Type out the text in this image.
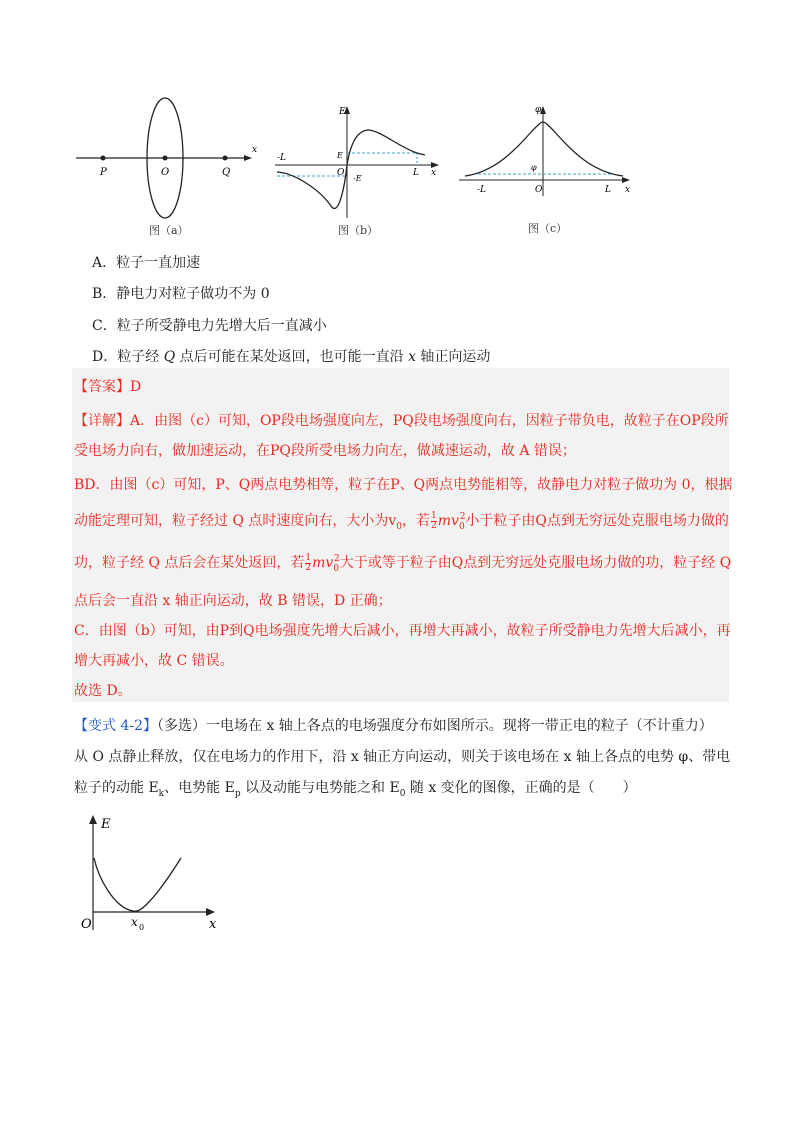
P	O	Q
x
图（a）
E
-L
O
E
-E
L x
图（b）
φ
φ
-L	O	L x
图（c）
A．粒子一直加速
B．静电力对粒子做功不为 0
C．粒子所受静电力先增大后一直减小
D．粒子经 Q 点后可能在某处返回，也可能一直沿 x 轴正向运动
【答案】D
【详解】A．由图（c）可知，OP段电场强度向左，PQ段电场强度向右，因粒子带负电，故粒子在OP段所
受电场力向右，做加速运动，在PQ段所受电场力向左，做减速运动，故 A 错误；
BD．由图（c）可知，P、Q两点电势相等，粒子在P、Q两点电势能相等，故静电力对粒子做功为 0，根据
动能定理可知，粒子经过 Q 点时速度向右，大小为$v_0$，若 $\frac{1}{2} mv_0^2$小于粒子由Q点到无穷远处克服电场力做的
功，粒子经 Q 点后会在某处返回，若 $\frac{1}{2} mv_0^2$大于或等于粒子由Q点到无穷远处克服电场力做的功，粒子经 Q
点后会一直沿 x 轴正向运动，故 B 错误，D 正确；
C．由图（b）可知，由P到Q电场强度先增大后减小，再增大再减小，故粒子所受静电力先增大后减小，再
增大再减小，故 C 错误。
故选 D。
【变式 4-2】（多选）一电场在 x 轴上各点的电场强度分布如图所示。现将一带正电的粒子（不计重力）
从 O 点静止释放，仅在电场力的作用下，沿 x 轴正方向运动，则关于该电场在 x 轴上各点的电势 φ、带电
粒子的动能 $E_k$、电势能 $E_p$ 以及动能与电势能之和 $E_0$ 随 x 变化的图像，正确的是（　　）
E
O	x 0	x
